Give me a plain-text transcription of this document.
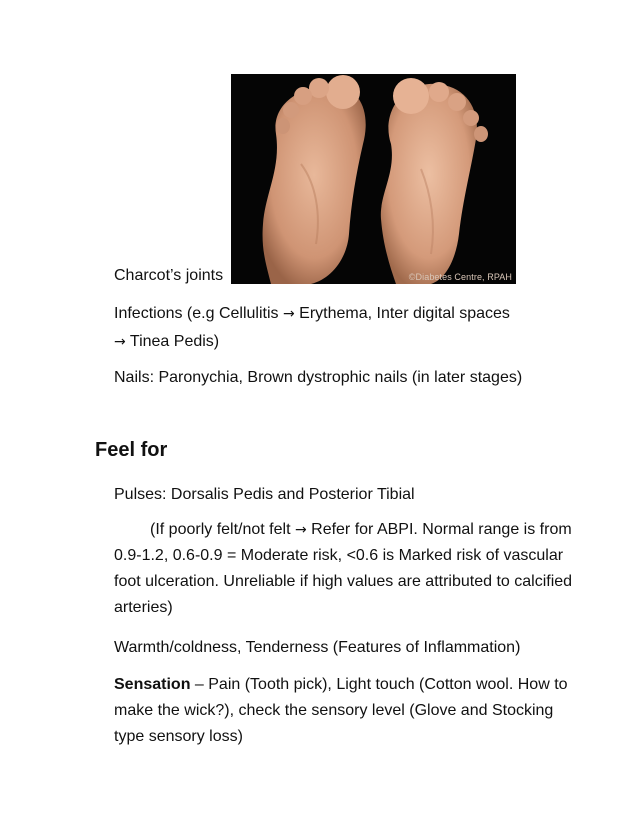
©Diabetes Centre, RPAH
Charcot’s joints
Infections (e.g Cellulitis → Erythema, Inter digital spaces
→ Tinea Pedis)
Nails: Paronychia, Brown dystrophic nails (in later stages)
Feel for
Pulses: Dorsalis Pedis and Posterior Tibial
(If poorly felt/not felt → Refer for ABPI. Normal range is from 0.9-1.2, 0.6-0.9 = Moderate risk, <0.6 is Marked risk of vascular foot ulceration. Unreliable if high values are attributed to calcified arteries)
Warmth/coldness, Tenderness (Features of Inflammation)
Sensation – Pain (Tooth pick), Light touch (Cotton wool. How to make the wick?), check the sensory level (Glove and Stocking type sensory loss)
